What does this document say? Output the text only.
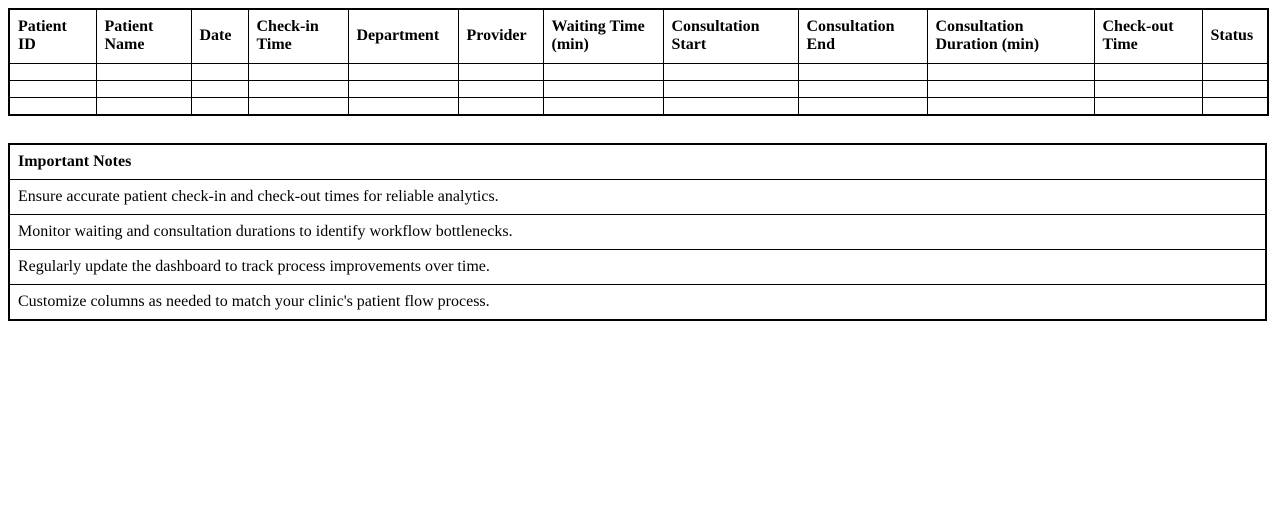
Patient ID	Patient Name	Date	Check-in Time	Department	Provider	Waiting Time (min)	Consultation Start	Consultation End	Consultation Duration (min)	Check-out Time	Status

Important Notes
Ensure accurate patient check-in and check-out times for reliable analytics.
Monitor waiting and consultation durations to identify workflow bottlenecks.
Regularly update the dashboard to track process improvements over time.
Customize columns as needed to match your clinic's patient flow process.
